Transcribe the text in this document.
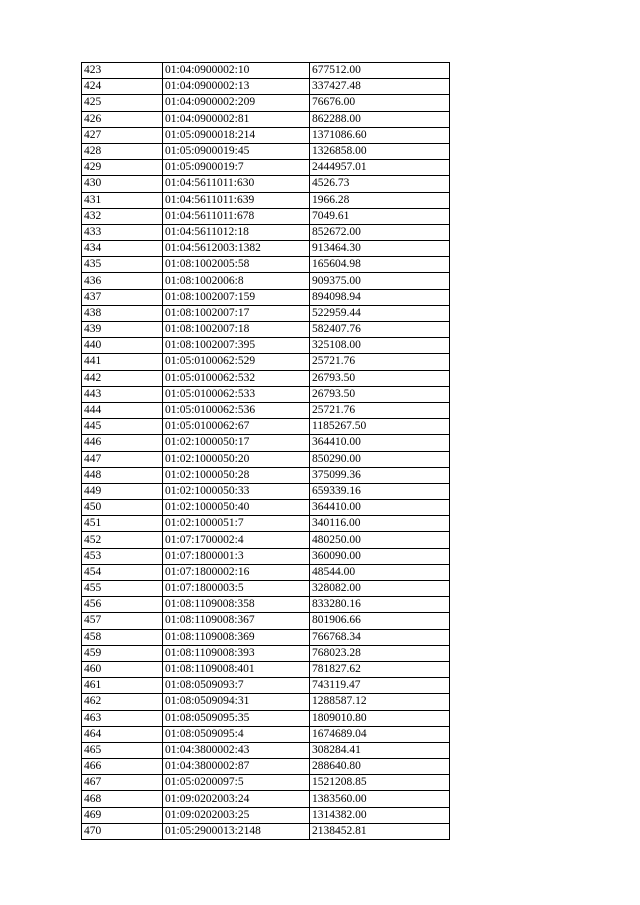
423	01:04:0900002:10	677512.00
424	01:04:0900002:13	337427.48
425	01:04:0900002:209	76676.00
426	01:04:0900002:81	862288.00
427	01:05:0900018:214	1371086.60
428	01:05:0900019:45	1326858.00
429	01:05:0900019:7	2444957.01
430	01:04:5611011:630	4526.73
431	01:04:5611011:639	1966.28
432	01:04:5611011:678	7049.61
433	01:04:5611012:18	852672.00
434	01:04:5612003:1382	913464.30
435	01:08:1002005:58	165604.98
436	01:08:1002006:8	909375.00
437	01:08:1002007:159	894098.94
438	01:08:1002007:17	522959.44
439	01:08:1002007:18	582407.76
440	01:08:1002007:395	325108.00
441	01:05:0100062:529	25721.76
442	01:05:0100062:532	26793.50
443	01:05:0100062:533	26793.50
444	01:05:0100062:536	25721.76
445	01:05:0100062:67	1185267.50
446	01:02:1000050:17	364410.00
447	01:02:1000050:20	850290.00
448	01:02:1000050:28	375099.36
449	01:02:1000050:33	659339.16
450	01:02:1000050:40	364410.00
451	01:02:1000051:7	340116.00
452	01:07:1700002:4	480250.00
453	01:07:1800001:3	360090.00
454	01:07:1800002:16	48544.00
455	01:07:1800003:5	328082.00
456	01:08:1109008:358	833280.16
457	01:08:1109008:367	801906.66
458	01:08:1109008:369	766768.34
459	01:08:1109008:393	768023.28
460	01:08:1109008:401	781827.62
461	01:08:0509093:7	743119.47
462	01:08:0509094:31	1288587.12
463	01:08:0509095:35	1809010.80
464	01:08:0509095:4	1674689.04
465	01:04:3800002:43	308284.41
466	01:04:3800002:87	288640.80
467	01:05:0200097:5	1521208.85
468	01:09:0202003:24	1383560.00
469	01:09:0202003:25	1314382.00
470	01:05:2900013:2148	2138452.81
